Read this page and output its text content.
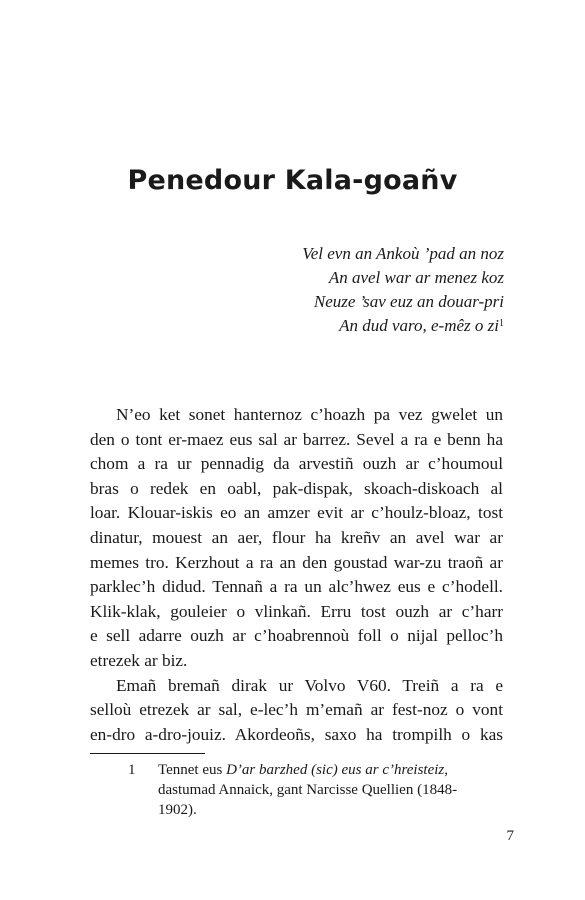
Penedour Kala-goañv
Vel evn an Ankoù ’pad an noz
An avel war ar menez koz
Neuze ’sav euz an douar-pri
An dud varo, e-mêz o $zi^1$
N’eo ket sonet hanternoz c’hoazh pa vez gwelet un
den o tont er-maez eus sal ar barrez. Sevel a ra e benn ha
chom a ra ur pennadig da arvestiñ ouzh ar c’houmoul
bras o redek en oabl, pak-dispak, skoach-diskoach al
loar. Klouar-iskis eo an amzer evit ar c’houlz-bloaz, tost
dinatur, mouest an aer, flour ha kreñv an avel war ar
memes tro. Kerzhout a ra an den goustad war-zu traoñ ar
parklec’h didud. Tennañ a ra un alc’hwez eus e c’hodell.
Klik-klak, gouleier o vlinkañ. Erru tost ouzh ar c’harr
e sell adarre ouzh ar c’hoabrennoù foll o nijal pelloc’h
etrezek ar biz.
Emañ bremañ dirak ur Volvo V60. Treiñ a ra e
selloù etrezek ar sal, e-lec’h m’emañ ar fest-noz o vont
en-dro a-dro-jouiz. Akordeoñs, saxo ha trompilh o kas
1 Tennet eus D’ar barzhed (sic) eus ar c’hreisteiz,
dastumad Annaick, gant Narcisse Quellien (1848-
1902).
7
